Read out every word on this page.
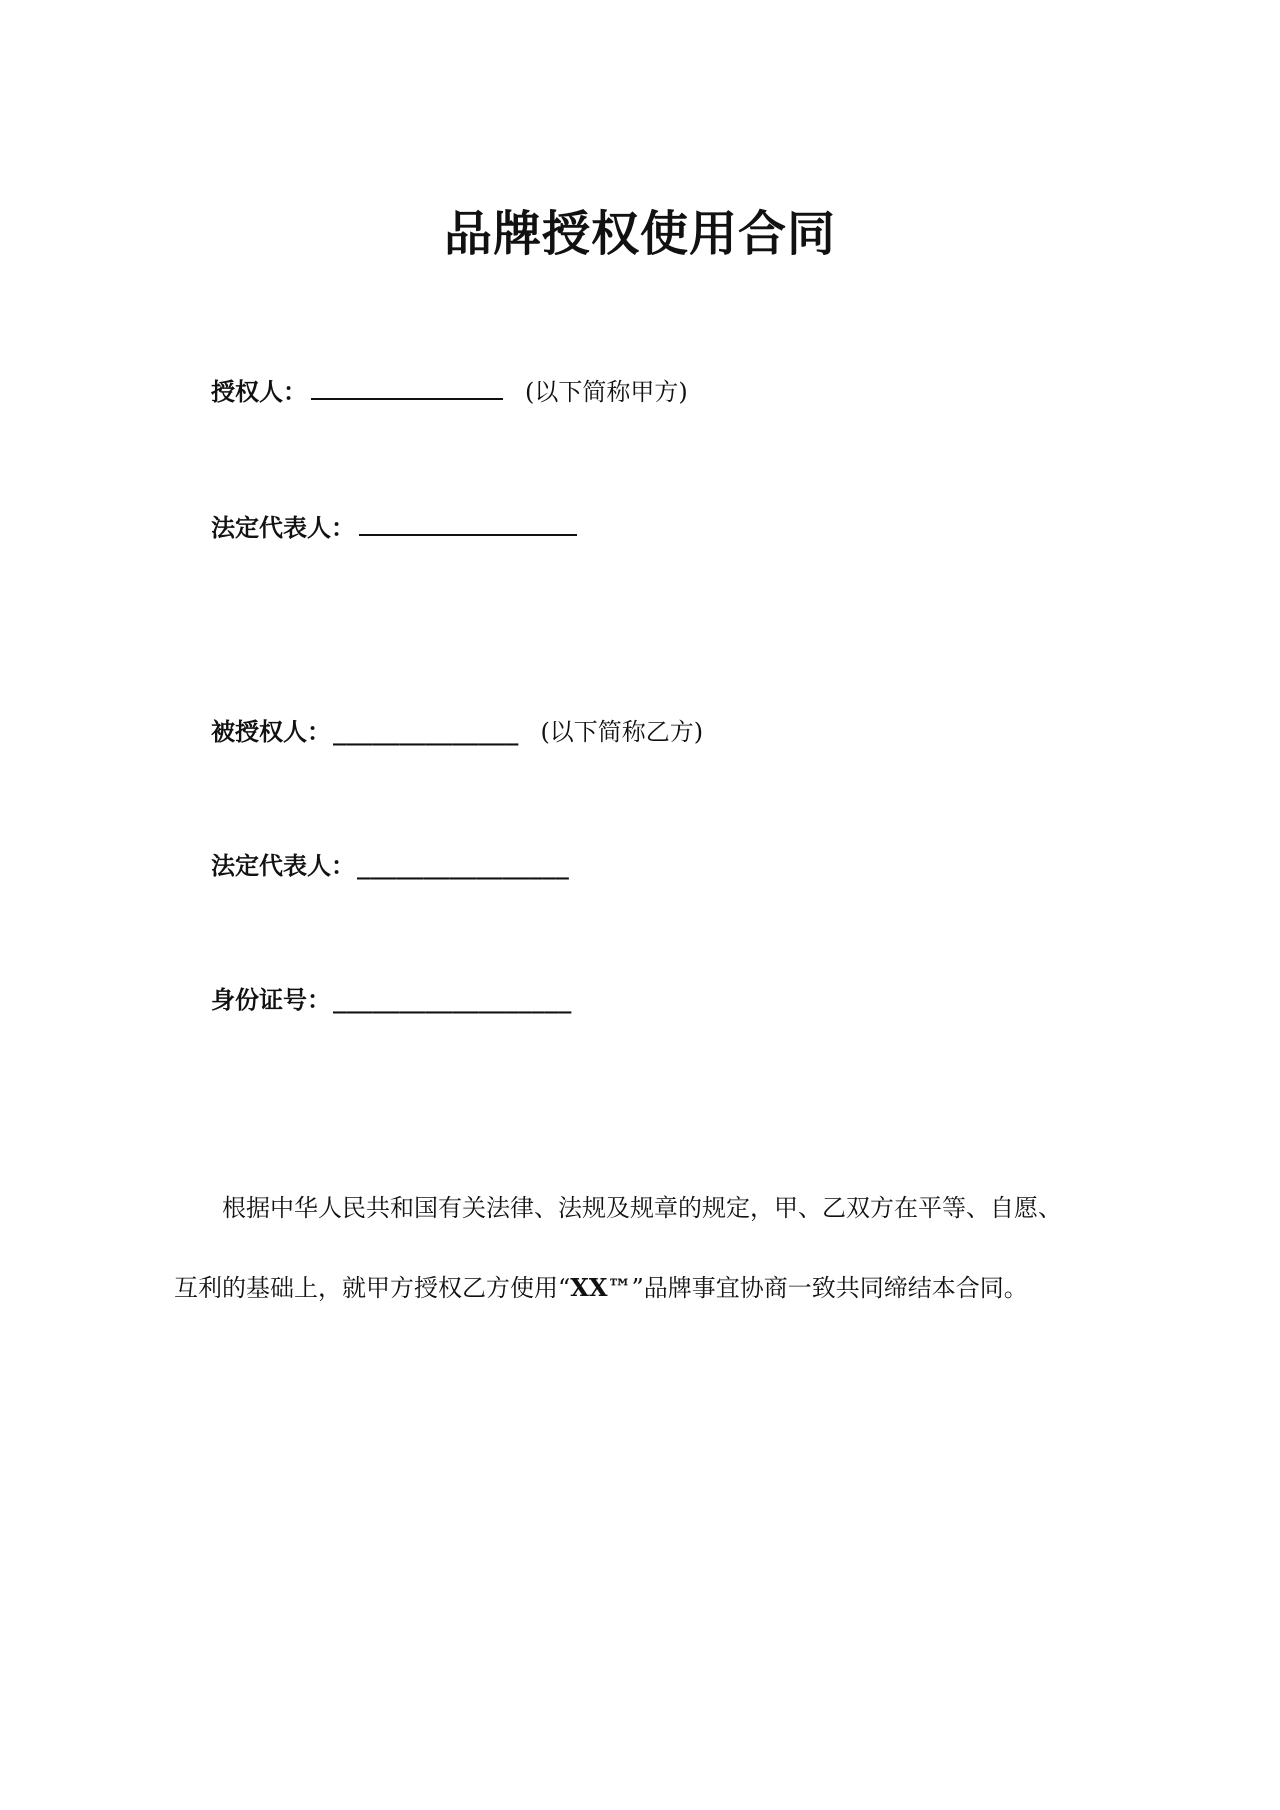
品牌授权使用合同
授权人：	(以下简称甲方)
法定代表人：
被授权人：______________ (以下简称乙方)
法定代表人：________________
身份证号：__________________
根据中华人民共和国有关法律、法规及规章的规定，甲、乙双方在平等、自愿、
互利的基础上，就甲方授权乙方使用“XX™”品牌事宜协商一致共同缔结本合同。
